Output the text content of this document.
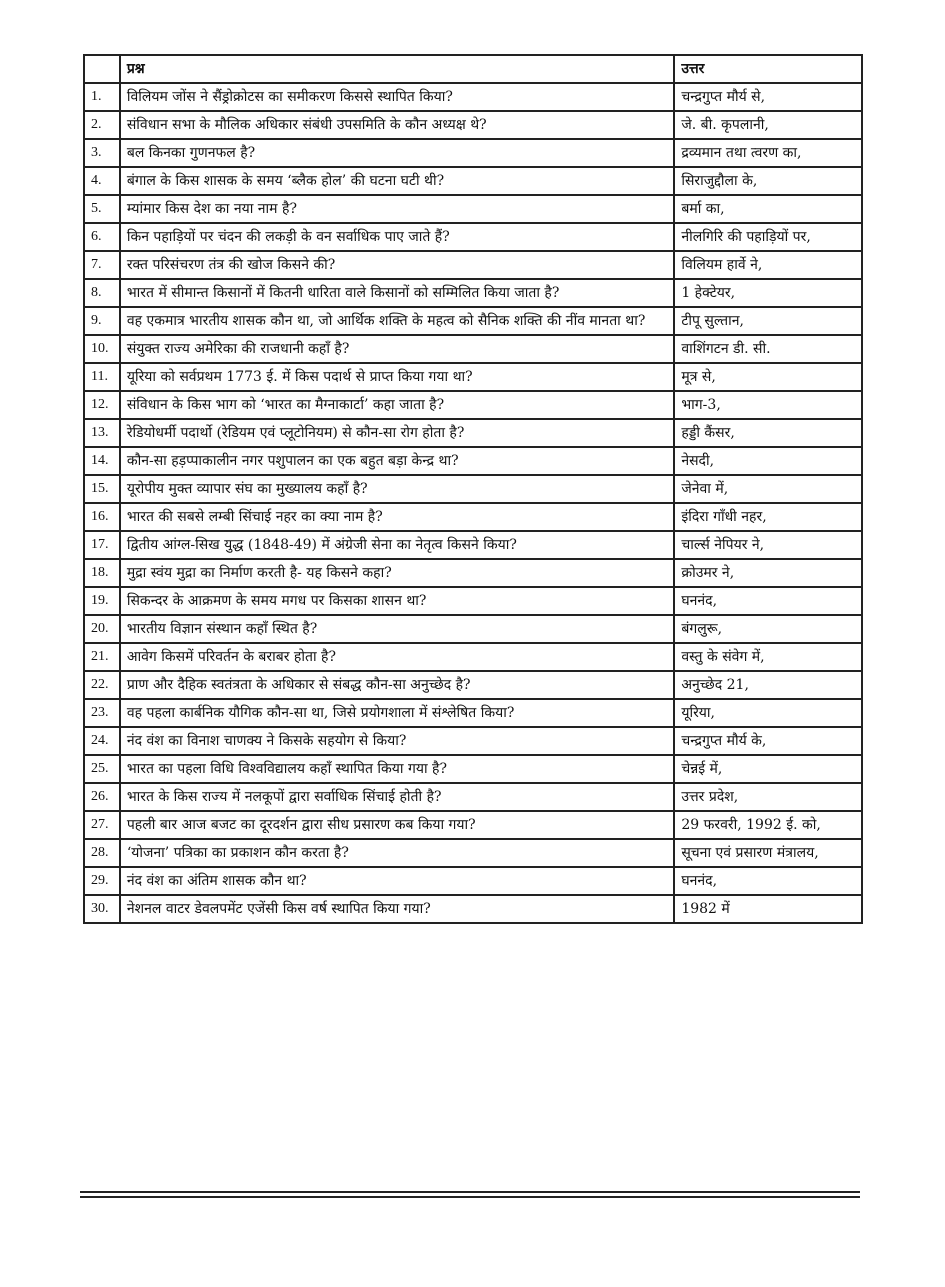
	प्रश्न	उत्तर
1.	विलियम जोंस ने सैंड्रोक्रोटस का समीकरण किससे स्थापित किया?	चन्द्रगुप्त मौर्य से,
2.	संविधान सभा के मौलिक अधिकार संबंधी उपसमिति के कौन अध्यक्ष थे?	जे. बी. कृपलानी,
3.	बल किनका गुणनफल है?	द्रव्यमान तथा त्वरण का,
4.	बंगाल के किस शासक के समय ‘ब्लैक होल’ की घटना घटी थी?	सिराजुद्दौला के,
5.	म्यांमार किस देश का नया नाम है?	बर्मा का,
6.	किन पहाड़ियों पर चंदन की लकड़ी के वन सर्वाधिक पाए जाते हैं?	नीलगिरि की पहाड़ियों पर,
7.	रक्त परिसंचरण तंत्र की खोज किसने की?	विलियम हार्वे ने,
8.	भारत में सीमान्त किसानों में कितनी धारिता वाले किसानों को सम्मिलित किया जाता है?	1 हेक्टेयर,
9.	वह एकमात्र भारतीय शासक कौन था, जो आर्थिक शक्ति के महत्व को सैनिक शक्ति की नींव मानता था?	टीपू सुल्तान,
10.	संयुक्त राज्य अमेरिका की राजधानी कहाँ है?	वाशिंगटन डी. सी.
11.	यूरिया को सर्वप्रथम 1773 ई. में किस पदार्थ से प्राप्त किया गया था?	मूत्र से,
12.	संविधान के किस भाग को ‘भारत का मैग्नाकार्टा’ कहा जाता है?	भाग-3,
13.	रेडियोधर्मी पदार्थो (रेडियम एवं प्लूटोनियम) से कौन-सा रोग होता है?	हड्डी कैंसर,
14.	कौन-सा हड़प्पाकालीन नगर पशुपालन का एक बहुत बड़ा केन्द्र था?	नेसदी,
15.	यूरोपीय मुक्त व्यापार संघ का मुख्यालय कहाँ है?	जेनेवा में,
16.	भारत की सबसे लम्बी सिंचाई नहर का क्या नाम है?	इंदिरा गाँधी नहर,
17.	द्वितीय आंग्ल-सिख युद्ध (1848-49) में अंग्रेजी सेना का नेतृत्व किसने किया?	चार्ल्स नेपियर ने,
18.	मुद्रा स्वंय मुद्रा का निर्माण करती है- यह किसने कहा?	क्रोउमर ने,
19.	सिकन्दर के आक्रमण के समय मगध पर किसका शासन था?	घननंद,
20.	भारतीय विज्ञान संस्थान कहाँ स्थित है?	बंगलुरू,
21.	आवेग किसमें परिवर्तन के बराबर होता है?	वस्तु के संवेग में,
22.	प्राण और दैहिक स्वतंत्रता के अधिकार से संबद्ध कौन-सा अनुच्छेद है?	अनुच्छेद 21,
23.	वह पहला कार्बनिक यौगिक कौन-सा था, जिसे प्रयोगशाला में संश्लेषित किया?	यूरिया,
24.	नंद वंश का विनाश चाणक्य ने किसके सहयोग से किया?	चन्द्रगुप्त मौर्य के,
25.	भारत का पहला विधि विश्वविद्यालय कहाँ स्थापित किया गया है?	चेन्नई में,
26.	भारत के किस राज्य में नलकूपों द्वारा सर्वाधिक सिंचाई होती है?	उत्तर प्रदेश,
27.	पहली बार आज बजट का दूरदर्शन द्वारा सीध प्रसारण कब किया गया?	29 फरवरी, 1992 ई. को,
28.	‘योजना’ पत्रिका का प्रकाशन कौन करता है?	सूचना एवं प्रसारण मंत्रालय,
29.	नंद वंश का अंतिम शासक कौन था?	घननंद,
30.	नेशनल वाटर डेवलपमेंट एजेंसी किस वर्ष स्थापित किया गया?	1982 में
